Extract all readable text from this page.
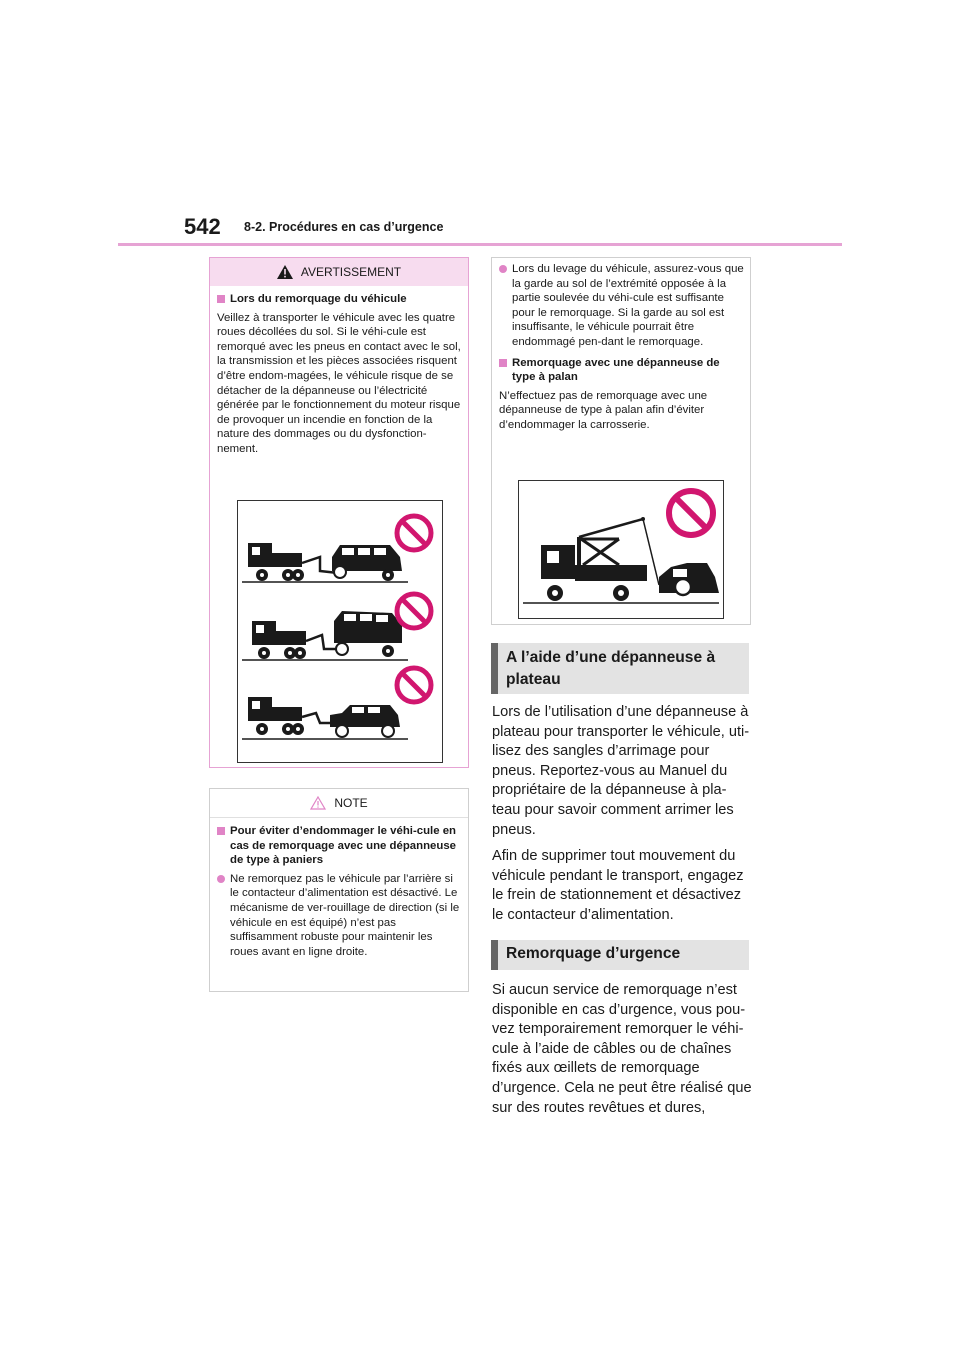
542 8-2. Procédures en cas d’urgence
AVERTISSEMENT
Lors du remorquage du véhicule

Veillez à transporter le véhicule avec les quatre roues décollées du sol. Si le véhi-cule est remorqué avec les pneus en contact avec le sol, la transmission et les pièces associées risquent d’être endom-magées, le véhicule risque de se détacher de la dépanneuse ou l’électricité générée par le fonctionnement du moteur risque de provoquer un incendie en fonction de la nature des dommages ou du dysfonction-nement.

NOTE
Pour éviter d’endommager le véhi-cule en cas de remorquage avec une dépanneuse de type à paniers
Ne remorquez pas le véhicule par l’arrière si le contacteur d’alimentation est désactivé. Le mécanisme de ver-rouillage de direction (si le véhicule en est équipé) n’est pas suffisamment robuste pour maintenir les roues avant en ligne droite.
Lors du levage du véhicule, assurez-vous que la garde au sol de l’extrémité opposée à la partie soulevée du véhi-cule est suffisante pour le remorquage. Si la garde au sol est insuffisante, le véhicule pourrait être endommagé pen-dant le remorquage.
Remorquage avec une dépanneuse de type à palan

N’effectuez pas de remorquage avec une dépanneuse de type à palan afin d’éviter d’endommager la carrosserie.

A l’aide d’une dépanneuse à plateau

Lors de l’utilisation d’une dépanneuse à plateau pour transporter le véhicule, uti-lisez des sangles d’arrimage pour pneus. Reportez-vous au Manuel du propriétaire de la dépanneuse à pla-teau pour savoir comment arrimer les pneus.

Afin de supprimer tout mouvement du véhicule pendant le transport, engagez le frein de stationnement et désactivez le contacteur d’alimentation.

Remorquage d’urgence

Si aucun service de remorquage n’est disponible en cas d’urgence, vous pou-vez temporairement remorquer le véhi-cule à l’aide de câbles ou de chaînes fixés aux œillets de remorquage d’urgence. Cela ne peut être réalisé que sur des routes revêtues et dures,
